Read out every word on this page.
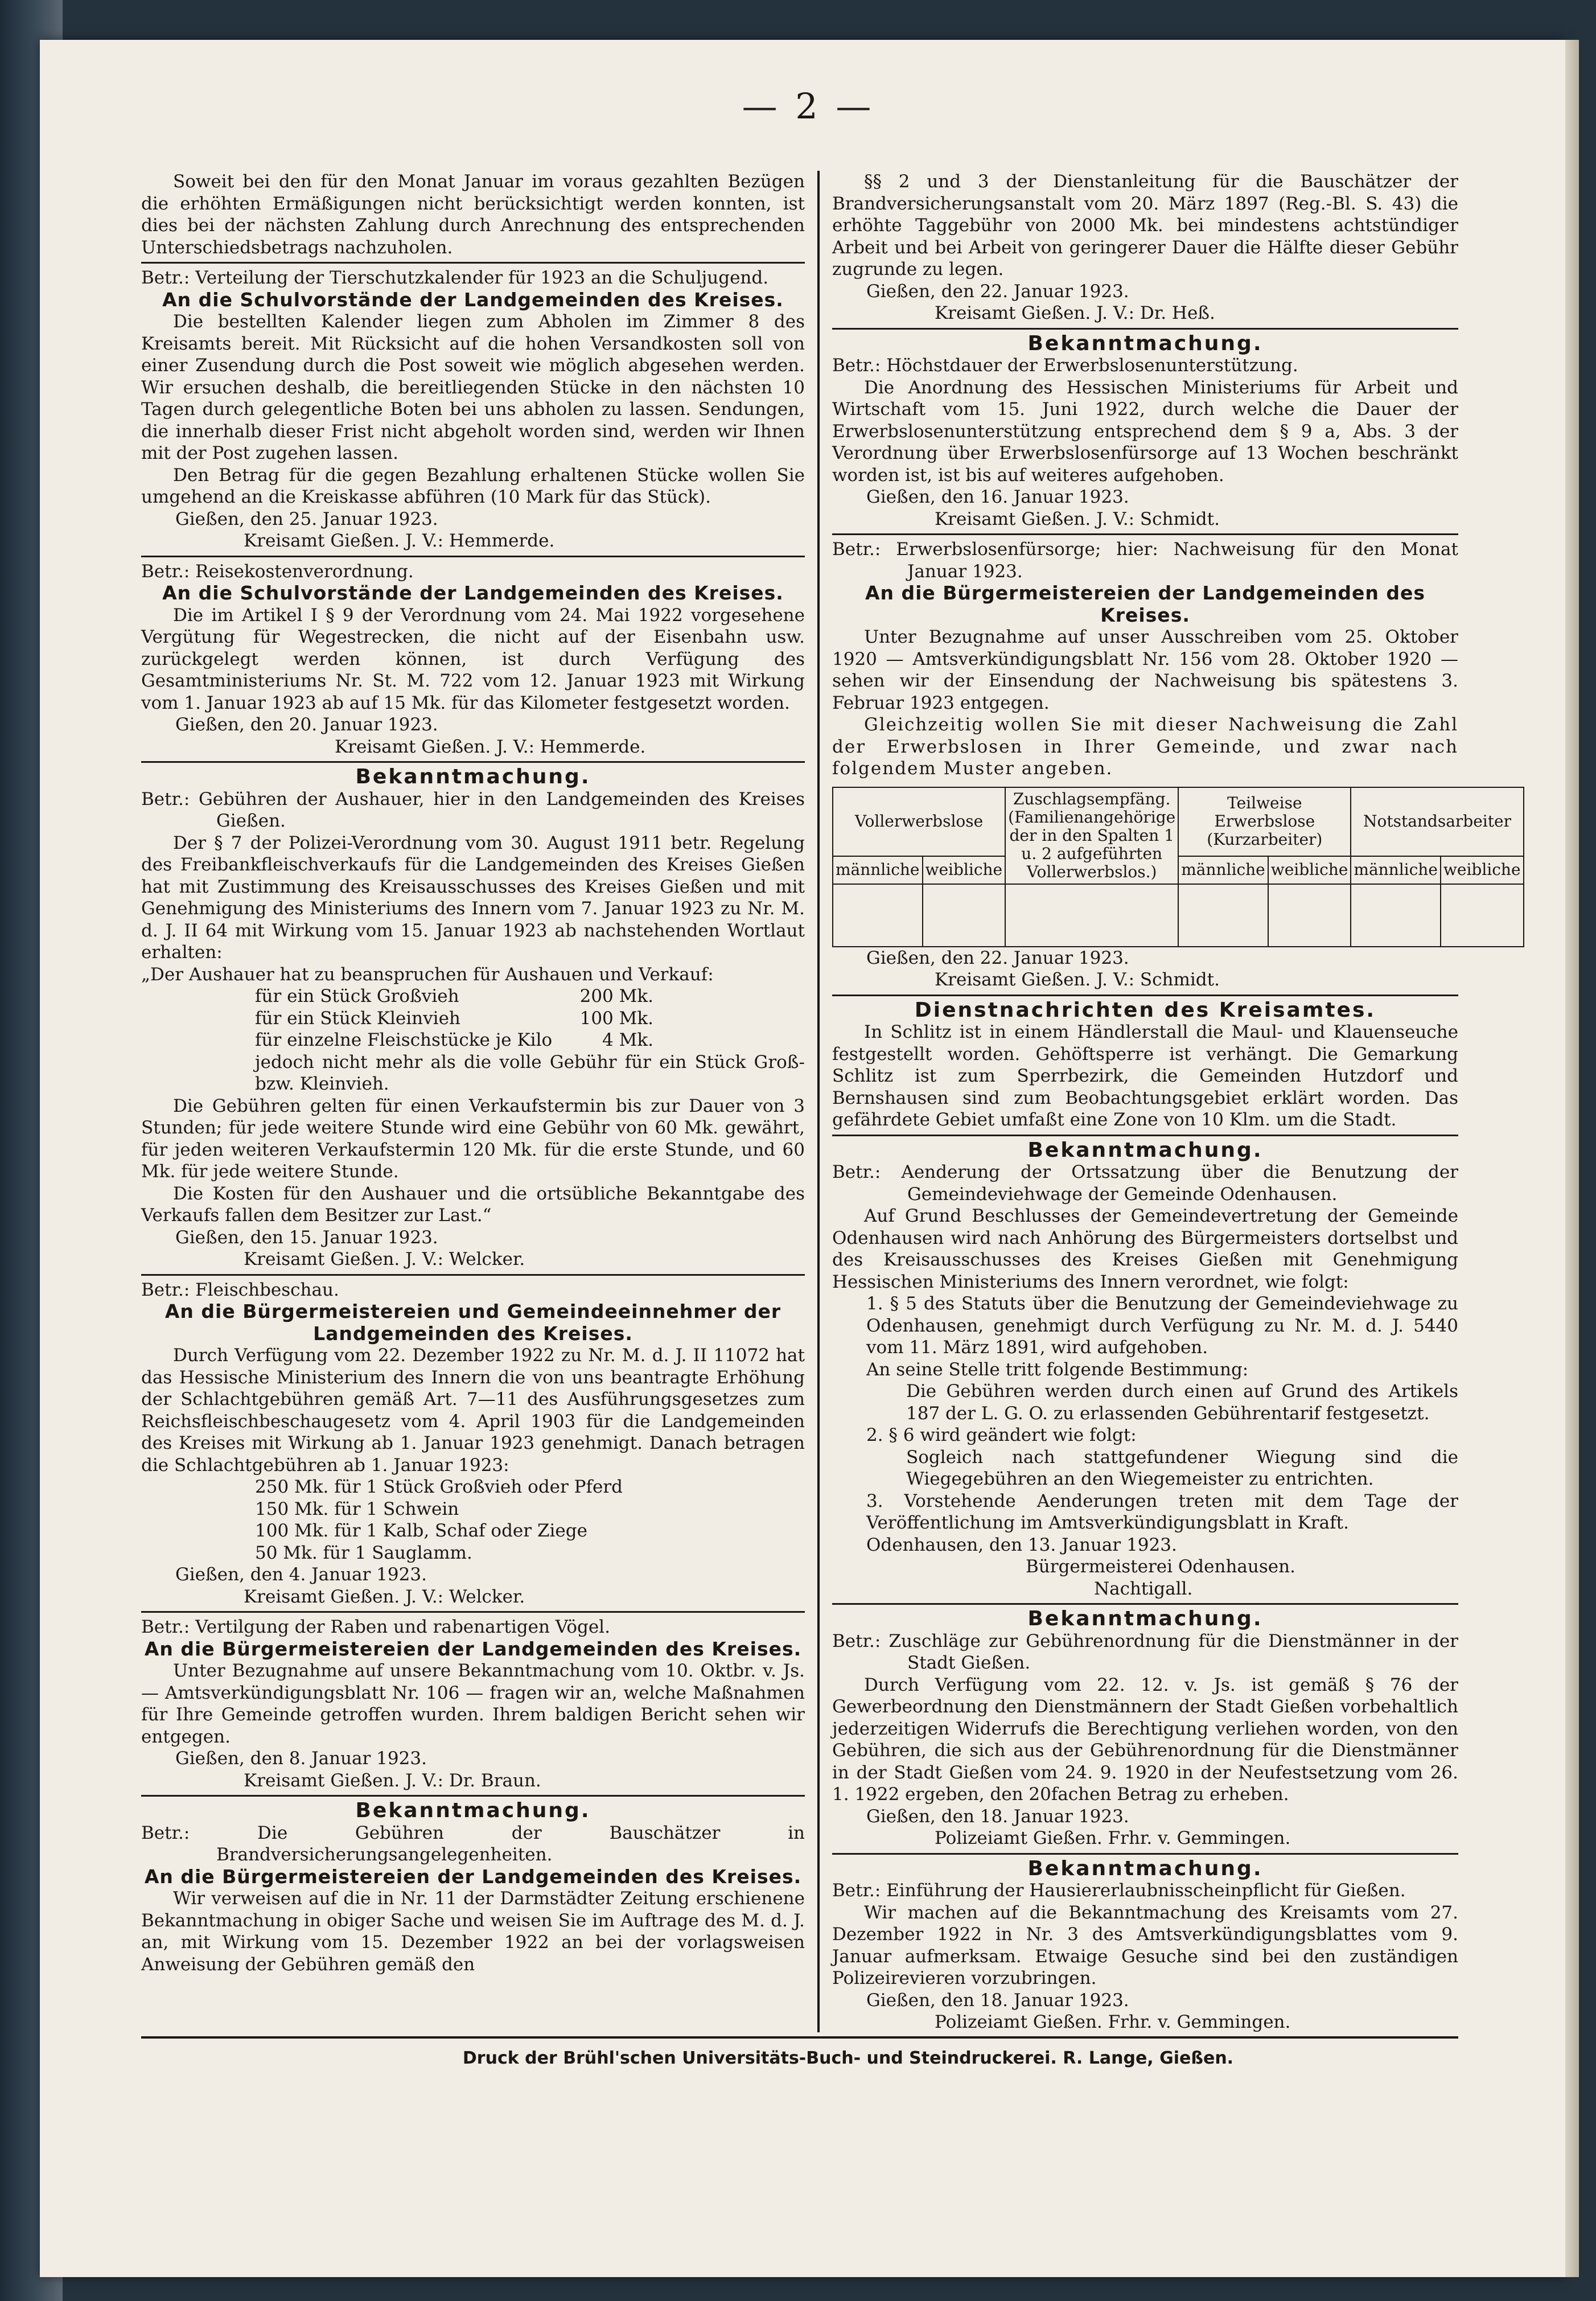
— 2 —

Soweit bei den für den Monat Januar im voraus gezahlten Bezügen die erhöhten Ermäßigungen nicht berücksichtigt werden konnten, ist dies bei der nächsten Zahlung durch Anrechnung des entsprechenden Unterschiedsbetrags nachzuholen.

Betr.: Verteilung der Tierschutzkalender für 1923 an die Schuljugend.

An die Schulvorstände der Landgemeinden des Kreises.

Die bestellten Kalender liegen zum Abholen im Zimmer 8 des Kreisamts bereit. Mit Rücksicht auf die hohen Versandkosten soll von einer Zusendung durch die Post soweit wie möglich abgesehen werden. Wir ersuchen deshalb, die bereitliegenden Stücke in den nächsten 10 Tagen durch gelegentliche Boten bei uns abholen zu lassen. Sendungen, die innerhalb dieser Frist nicht abgeholt worden sind, werden wir Ihnen mit der Post zugehen lassen.

Den Betrag für die gegen Bezahlung erhaltenen Stücke wollen Sie umgehend an die Kreiskasse abführen (10 Mark für das Stück).

Gießen, den 25. Januar 1923.

Kreisamt Gießen. J. V.: Hemmerde.

Betr.: Reisekostenverordnung.

An die Schulvorstände der Landgemeinden des Kreises.

Die im Artikel I § 9 der Verordnung vom 24. Mai 1922 vorgesehene Vergütung für Wegestrecken, die nicht auf der Eisenbahn usw. zurückgelegt werden können, ist durch Verfügung des Gesamtministeriums Nr. St. M. 722 vom 12. Januar 1923 mit Wirkung vom 1. Januar 1923 ab auf 15 Mk. für das Kilometer festgesetzt worden.

Gießen, den 20. Januar 1923.

Kreisamt Gießen. J. V.: Hemmerde.

Bekanntmachung.

Betr.: Gebühren der Aushauer, hier in den Landgemeinden des Kreises Gießen.

Der § 7 der Polizei-Verordnung vom 30. August 1911 betr. Regelung des Freibankfleischverkaufs für die Landgemeinden des Kreises Gießen hat mit Zustimmung des Kreisausschusses des Kreises Gießen und mit Genehmigung des Ministeriums des Innern vom 7. Januar 1923 zu Nr. M. d. J. II 64 mit Wirkung vom 15. Januar 1923 ab nachstehenden Wortlaut erhalten:

„Der Aushauer hat zu beanspruchen für Aushauen und Verkauf:

für ein Stück Großvieh	200 Mk.
für ein Stück Kleinvieh	100 Mk.
für einzelne Fleischstücke je Kilo	4 Mk.

jedoch nicht mehr als die volle Gebühr für ein Stück Groß- bzw. Kleinvieh.

Die Gebühren gelten für einen Verkaufstermin bis zur Dauer von 3 Stunden; für jede weitere Stunde wird eine Gebühr von 60 Mk. gewährt, für jeden weiteren Verkaufstermin 120 Mk. für die erste Stunde, und 60 Mk. für jede weitere Stunde.

Die Kosten für den Aushauer und die ortsübliche Bekanntgabe des Verkaufs fallen dem Besitzer zur Last.“

Gießen, den 15. Januar 1923.

Kreisamt Gießen. J. V.: Welcker.

Betr.: Fleischbeschau.

An die Bürgermeistereien und Gemeindeeinnehmer der Landgemeinden des Kreises.

Durch Verfügung vom 22. Dezember 1922 zu Nr. M. d. J. II 11072 hat das Hessische Ministerium des Innern die von uns beantragte Erhöhung der Schlachtgebühren gemäß Art. 7—11 des Ausführungsgesetzes zum Reichsfleischbeschaugesetz vom 4. April 1903 für die Landgemeinden des Kreises mit Wirkung ab 1. Januar 1923 genehmigt. Danach betragen die Schlachtgebühren ab 1. Januar 1923:

250 Mk. für 1 Stück Großvieh oder Pferd

150 Mk. für 1 Schwein

100 Mk. für 1 Kalb, Schaf oder Ziege

50 Mk. für 1 Sauglamm.

Gießen, den 4. Januar 1923.

Kreisamt Gießen. J. V.: Welcker.

Betr.: Vertilgung der Raben und rabenartigen Vögel.

An die Bürgermeistereien der Landgemeinden des Kreises.

Unter Bezugnahme auf unsere Bekanntmachung vom 10. Oktbr. v. Js. — Amtsverkündigungsblatt Nr. 106 — fragen wir an, welche Maßnahmen für Ihre Gemeinde getroffen wurden. Ihrem baldigen Bericht sehen wir entgegen.

Gießen, den 8. Januar 1923.

Kreisamt Gießen. J. V.: Dr. Braun.

Bekanntmachung.

Betr.: Die Gebühren der Bauschätzer in Brandversicherungsangelegenheiten.

An die Bürgermeistereien der Landgemeinden des Kreises.

Wir verweisen auf die in Nr. 11 der Darmstädter Zeitung erschienene Bekanntmachung in obiger Sache und weisen Sie im Auftrage des M. d. J. an, mit Wirkung vom 15. Dezember 1922 an bei der vorlagsweisen Anweisung der Gebühren gemäß den

§§ 2 und 3 der Dienstanleitung für die Bauschätzer der Brandversicherungsanstalt vom 20. März 1897 (Reg.-Bl. S. 43) die erhöhte Taggebühr von 2000 Mk. bei mindestens achtstündiger Arbeit und bei Arbeit von geringerer Dauer die Hälfte dieser Gebühr zugrunde zu legen.

Gießen, den 22. Januar 1923.

Kreisamt Gießen. J. V.: Dr. Heß.

Bekanntmachung.

Betr.: Höchstdauer der Erwerbslosenunterstützung.

Die Anordnung des Hessischen Ministeriums für Arbeit und Wirtschaft vom 15. Juni 1922, durch welche die Dauer der Erwerbslosenunterstützung entsprechend dem § 9 a, Abs. 3 der Verordnung über Erwerbslosenfürsorge auf 13 Wochen beschränkt worden ist, ist bis auf weiteres aufgehoben.

Gießen, den 16. Januar 1923.

Kreisamt Gießen. J. V.: Schmidt.

Betr.: Erwerbslosenfürsorge; hier: Nachweisung für den Monat Januar 1923.

An die Bürgermeistereien der Landgemeinden des Kreises.

Unter Bezugnahme auf unser Ausschreiben vom 25. Oktober 1920 — Amtsverkündigungsblatt Nr. 156 vom 28. Oktober 1920 — sehen wir der Einsendung der Nachweisung bis spätestens 3. Februar 1923 entgegen.

Gleichzeitig wollen Sie mit dieser Nachweisung die Zahl der Erwerbslosen in Ihrer Gemeinde, und zwar nach folgendem Muster angeben.

Vollerwerbslose		Zuschlagsempfäng. (Familienangehörige der in den Spalten 1 u. 2 aufgeführten Vollerwerbslos.)	Teilweise Erwerbslose (Kurzarbeiter)		Notstandsarbeiter	
männliche	weibliche		männliche	weibliche	männliche	weibliche

Gießen, den 22. Januar 1923.

Kreisamt Gießen. J. V.: Schmidt.

Dienstnachrichten des Kreisamtes.

In Schlitz ist in einem Händlerstall die Maul- und Klauenseuche festgestellt worden. Gehöftsperre ist verhängt. Die Gemarkung Schlitz ist zum Sperrbezirk, die Gemeinden Hutzdorf und Bernshausen sind zum Beobachtungsgebiet erklärt worden. Das gefährdete Gebiet umfaßt eine Zone von 10 Klm. um die Stadt.

Bekanntmachung.

Betr.: Aenderung der Ortssatzung über die Benutzung der Gemeindeviehwage der Gemeinde Odenhausen.

Auf Grund Beschlusses der Gemeindevertretung der Gemeinde Odenhausen wird nach Anhörung des Bürgermeisters dortselbst und des Kreisausschusses des Kreises Gießen mit Genehmigung Hessischen Ministeriums des Innern verordnet, wie folgt:

1. § 5 des Statuts über die Benutzung der Gemeindeviehwage zu Odenhausen, genehmigt durch Verfügung zu Nr. M. d. J. 5440 vom 11. März 1891, wird aufgehoben.

An seine Stelle tritt folgende Bestimmung:

Die Gebühren werden durch einen auf Grund des Artikels 187 der L. G. O. zu erlassenden Gebührentarif festgesetzt.

2. § 6 wird geändert wie folgt:

Sogleich nach stattgefundener Wiegung sind die Wiegegebühren an den Wiegemeister zu entrichten.

3. Vorstehende Aenderungen treten mit dem Tage der Veröffentlichung im Amtsverkündigungsblatt in Kraft.

Odenhausen, den 13. Januar 1923.

Bürgermeisterei Odenhausen.

Nachtigall.

Bekanntmachung.

Betr.: Zuschläge zur Gebührenordnung für die Dienstmänner in der Stadt Gießen.

Durch Verfügung vom 22. 12. v. Js. ist gemäß § 76 der Gewerbeordnung den Dienstmännern der Stadt Gießen vorbehaltlich jederzeitigen Widerrufs die Berechtigung verliehen worden, von den Gebühren, die sich aus der Gebührenordnung für die Dienstmänner in der Stadt Gießen vom 24. 9. 1920 in der Neufestsetzung vom 26. 1. 1922 ergeben, den 20fachen Betrag zu erheben.

Gießen, den 18. Januar 1923.

Polizeiamt Gießen. Frhr. v. Gemmingen.

Bekanntmachung.

Betr.: Einführung der Hausiererlaubnisscheinpflicht für Gießen.

Wir machen auf die Bekanntmachung des Kreisamts vom 27. Dezember 1922 in Nr. 3 des Amtsverkündigungsblattes vom 9. Januar aufmerksam. Etwaige Gesuche sind bei den zuständigen Polizeirevieren vorzubringen.

Gießen, den 18. Januar 1923.

Polizeiamt Gießen. Frhr. v. Gemmingen.

Druck der Brühl'schen Universitäts-Buch- und Steindruckerei. R. Lange, Gießen.
